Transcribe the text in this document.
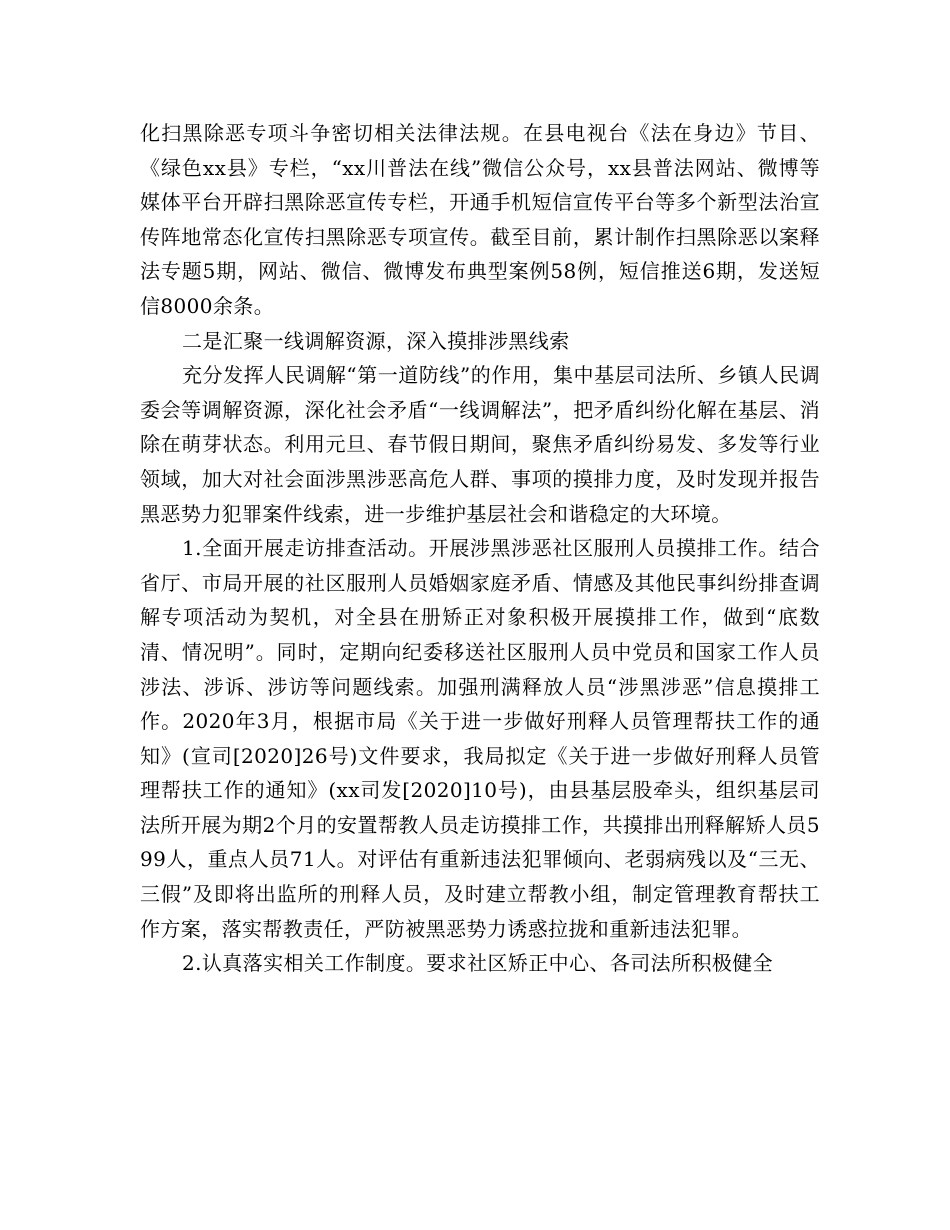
化扫黑除恶专项斗争密切相关法律法规。在县电视台《法在身边》节目、《绿色xx县》专栏，“xx川普法在线”微信公众号，xx县普法网站、微博等媒体平台开辟扫黑除恶宣传专栏，开通手机短信宣传平台等多个新型法治宣传阵地常态化宣传扫黑除恶专项宣传。截至目前，累计制作扫黑除恶以案释法专题5期，网站、微信、微博发布典型案例58例，短信推送6期，发送短信8000余条。

二是汇聚一线调解资源，深入摸排涉黑线索

充分发挥人民调解“第一道防线”的作用，集中基层司法所、乡镇人民调委会等调解资源，深化社会矛盾“一线调解法”，把矛盾纠纷化解在基层、消除在萌芽状态。利用元旦、春节假日期间，聚焦矛盾纠纷易发、多发等行业领域，加大对社会面涉黑涉恶高危人群、事项的摸排力度，及时发现并报告黑恶势力犯罪案件线索，进一步维护基层社会和谐稳定的大环境。

1.全面开展走访排查活动。开展涉黑涉恶社区服刑人员摸排工作。结合省厅、市局开展的社区服刑人员婚姻家庭矛盾、情感及其他民事纠纷排查调解专项活动为契机，对全县在册矫正对象积极开展摸排工作，做到“底数清、情况明”。同时，定期向纪委移送社区服刑人员中党员和国家工作人员涉法、涉诉、涉访等问题线索。加强刑满释放人员“涉黑涉恶”信息摸排工作。2020年3月，根据市局《关于进一步做好刑释人员管理帮扶工作的通知》(宣司[2020]26号)文件要求，我局拟定《关于进一步做好刑释人员管理帮扶工作的通知》(xx司发[2020]10号)，由县基层股牵头，组织基层司法所开展为期2个月的安置帮教人员走访摸排工作，共摸排出刑释解矫人员599人，重点人员71人。对评估有重新违法犯罪倾向、老弱病残以及“三无、三假”及即将出监所的刑释人员，及时建立帮教小组，制定管理教育帮扶工作方案，落实帮教责任，严防被黑恶势力诱惑拉拢和重新违法犯罪。

2.认真落实相关工作制度。要求社区矫正中心、各司法所积极健全
